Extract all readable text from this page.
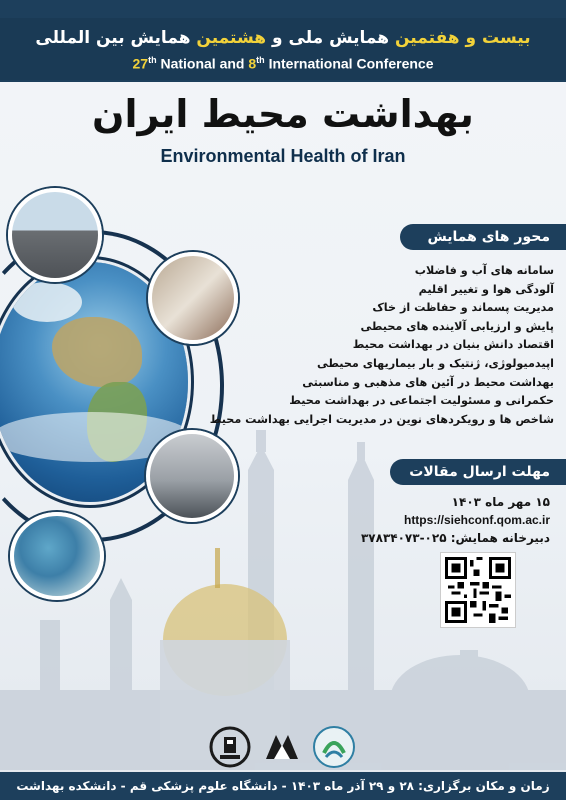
بیست و هفتمین همایش ملی و هشتمین همایش بین المللی
27th National and 8th International Conference
بهداشت محیط ایران
Environmental Health of Iran
محور های همایش
سامانه های آب و فاضلاب
آلودگی هوا و تغییر اقلیم
مدیریت پسماند و حفاظت از خاک
پایش و ارزیابی آلاینده های محیطی
اقتصاد دانش بنیان در بهداشت محیط
اپیدمیولوژی، ژنتیک و بار بیماریهای محیطی
بهداشت محیط در آئین های مذهبی و مناسبتی
حکمرانی و مسئولیت اجتماعی در بهداشت محیط
شاخص ها و رویکردهای نوین در مدیریت اجرایی بهداشت محیط
مهلت ارسال مقالات
۱۵ مهر ماه ۱۴۰۳
https://siehconf.qom.ac.ir
دبیرخانه همایش: ۰۲۵-۳۷۸۳۴۰۷۳
زمان و مکان برگزاری: ۲۸ و ۲۹ آذر ماه ۱۴۰۳ - دانشگاه علوم پزشکی قم - دانشکده بهداشت
